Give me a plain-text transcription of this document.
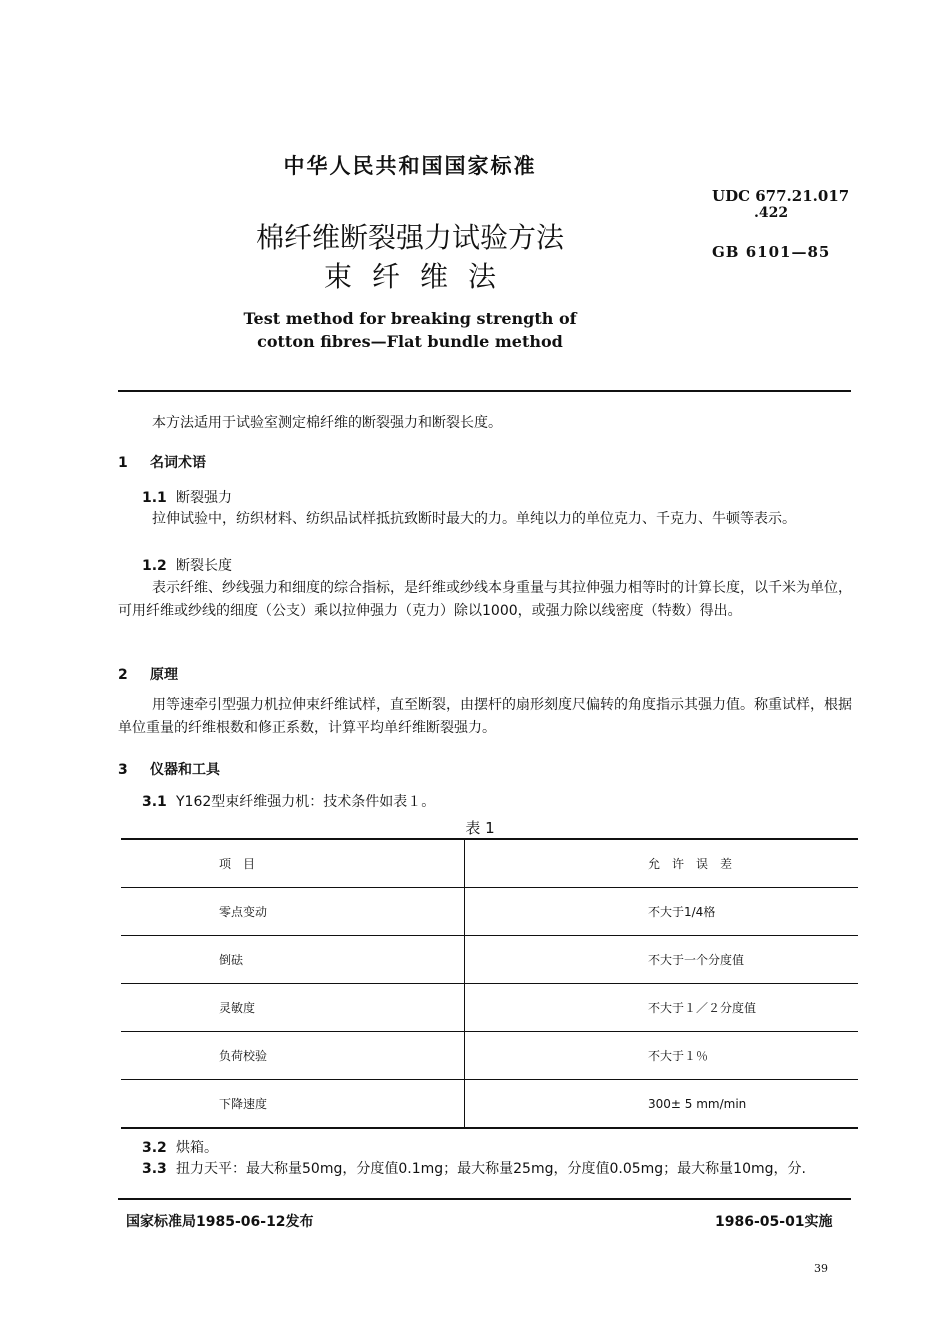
中华人民共和国国家标准
UDC 677.21.017
.422
GB 6101—85
棉纤维断裂强力试验方法
束纤维法
Test method for breaking strength of
cotton fibres—Flat bundle method
本方法适用于试验室测定棉纤维的断裂强力和断裂长度。
1 名词术语
1.1 断裂强力
拉伸试验中，纺织材料、纺织品试样抵抗致断时最大的力。单纯以力的单位克力、千克力、牛顿等表示。
1.2 断裂长度
表示纤维、纱线强力和细度的综合指标，是纤维或纱线本身重量与其拉伸强力相等时的计算长度，以千米为单位，可用纤维或纱线的细度（公支）乘以拉伸强力（克力）除以1000，或强力除以线密度（特数）得出。
2 原理
用等速牵引型强力机拉伸束纤维试样，直至断裂，由摆杆的扇形刻度尺偏转的角度指示其强力值。称重试样，根据单位重量的纤维根数和修正系数，计算平均单纤维断裂强力。
3 仪器和工具
3.1 Y162型束纤维强力机：技术条件如表１。
表 1
项　目	允　许　误　差
零点变动	不大于1/4格
倒砝	不大于一个分度值
灵敏度	不大于１／２分度值
负荷校验	不大于１％
下降速度	300± 5 mm/min
3.2 烘箱。
3.3 扭力天平：最大称量50mg，分度值0.1mg；最大称量25mg，分度值0.05mg；最大称量10mg，分.
国家标准局1985-06-12发布	1986-05-01实施
39
